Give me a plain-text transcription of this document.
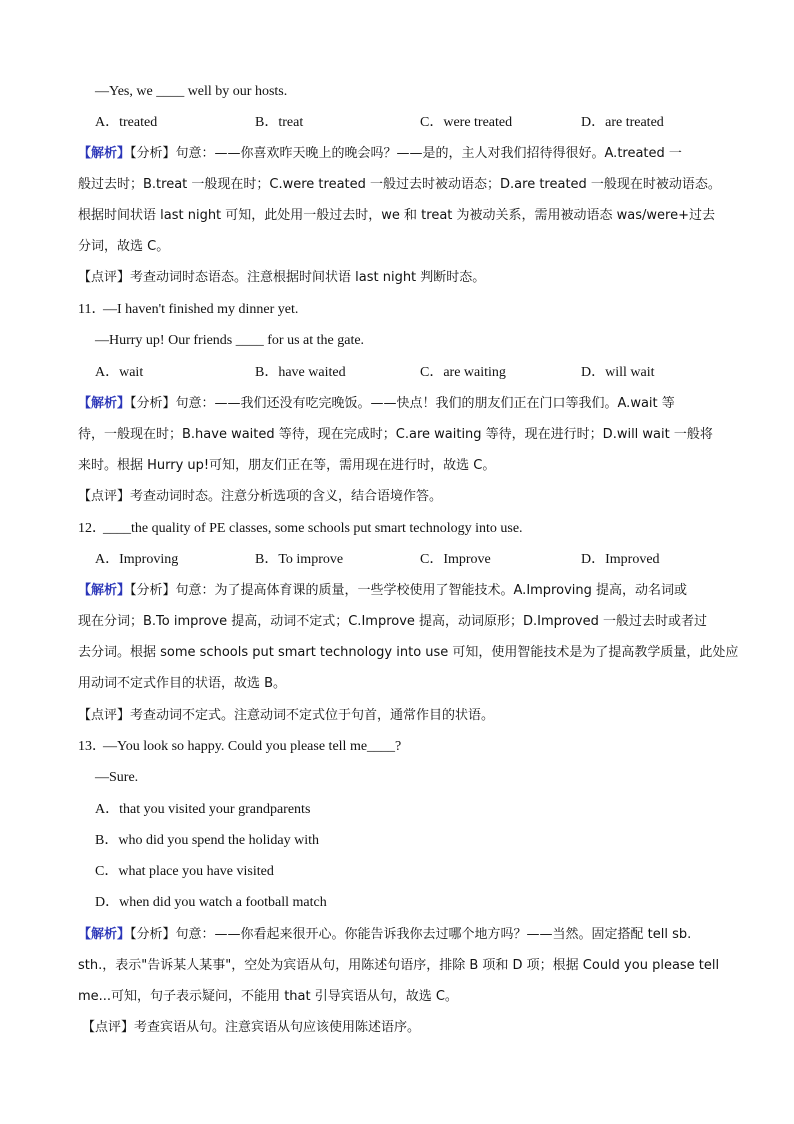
—Yes, we ____ well by our hosts.
A．treated	B．treat	C．were treated	D．are treated
【解析】【分析】句意：——你喜欢昨天晚上的晚会吗？——是的，主人对我们招待得很好。A.treated 一
般过去时；B.treat 一般现在时；C.were treated 一般过去时被动语态；D.are treated 一般现在时被动语态。
根据时间状语 last night 可知，此处用一般过去时，we 和 treat 为被动关系，需用被动语态 was/were+过去
分词，故选 C。
【点评】考查动词时态语态。注意根据时间状语 last night 判断时态。
11．  —I haven't finished my dinner yet.
—Hurry up! Our friends ____ for us at the gate.
A．wait	B．have waited	C．are waiting	D．will wait
【解析】【分析】句意：——我们还没有吃完晚饭。——快点！我们的朋友们正在门口等我们。A.wait 等
待，一般现在时；B.have waited 等待，现在完成时；C.are waiting 等待，现在进行时；D.will wait 一般将
来时。根据 Hurry up!可知，朋友们正在等，需用现在进行时，故选 C。
【点评】考查动词时态。注意分析选项的含义，结合语境作答。
12．  ____the quality of PE classes, some schools put smart technology into use.
A．Improving	B．To improve	C．Improve	D．Improved
【解析】【分析】句意：为了提高体育课的质量，一些学校使用了智能技术。A.Improving 提高，动名词或
现在分词；B.To improve 提高，动词不定式；C.Improve 提高，动词原形；D.Improved 一般过去时或者过
去分词。根据 some schools put smart technology into use 可知，使用智能技术是为了提高教学质量，此处应
用动词不定式作目的状语，故选 B。
【点评】考查动词不定式。注意动词不定式位于句首，通常作目的状语。
13．  —You look so happy. Could you please tell me____?
—Sure.
A．that you visited your grandparents
B．who did you spend the holiday with
C．what place you have visited
D．when did you watch a football match
【解析】【分析】句意：——你看起来很开心。你能告诉我你去过哪个地方吗？——当然。固定搭配 tell sb.
sth.，表示"告诉某人某事"，空处为宾语从句，用陈述句语序，排除 B 项和 D 项；根据 Could you please tell
me...可知，句子表示疑问，不能用 that 引导宾语从句，故选 C。
【点评】考查宾语从句。注意宾语从句应该使用陈述语序。
